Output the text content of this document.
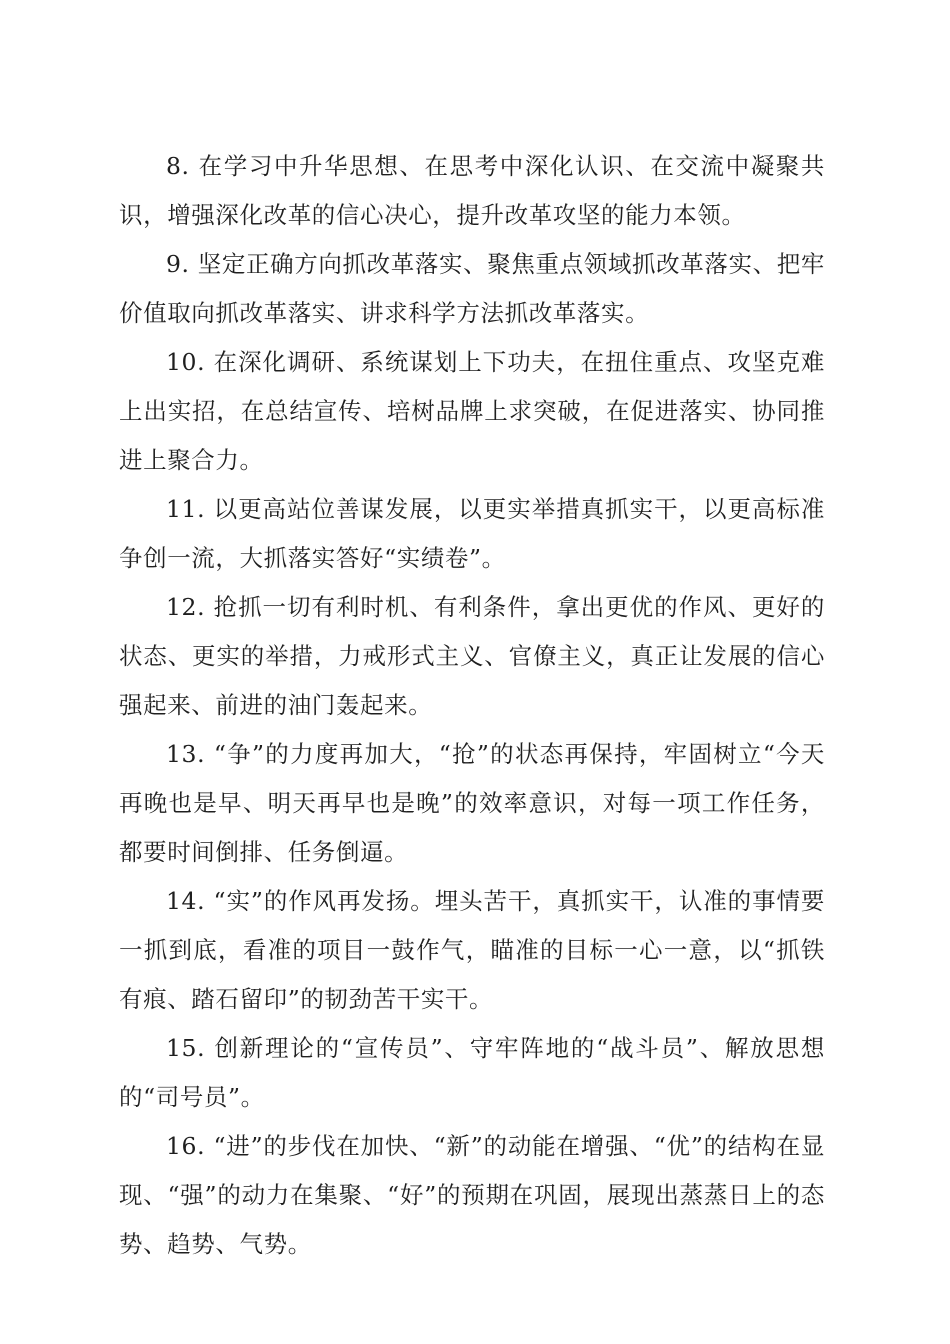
8. 在学习中升华思想、在思考中深化认识、在交流中凝聚共识，增强深化改革的信心决心，提升改革攻坚的能力本领。

9. 坚定正确方向抓改革落实、聚焦重点领域抓改革落实、把牢价值取向抓改革落实、讲求科学方法抓改革落实。

10. 在深化调研、系统谋划上下功夫，在扭住重点、攻坚克难上出实招，在总结宣传、培树品牌上求突破，在促进落实、协同推进上聚合力。

11. 以更高站位善谋发展，以更实举措真抓实干，以更高标准争创一流，大抓落实答好“实绩卷”。

12. 抢抓一切有利时机、有利条件，拿出更优的作风、更好的状态、更实的举措，力戒形式主义、官僚主义，真正让发展的信心强起来、前进的油门轰起来。

13. “争”的力度再加大，“抢”的状态再保持，牢固树立“今天再晚也是早、明天再早也是晚”的效率意识，对每一项工作任务，都要时间倒排、任务倒逼。

14. “实”的作风再发扬。埋头苦干，真抓实干，认准的事情要一抓到底，看准的项目一鼓作气，瞄准的目标一心一意，以“抓铁有痕、踏石留印”的韧劲苦干实干。

15. 创新理论的“宣传员”、守牢阵地的“战斗员”、解放思想的“司号员”。

16. “进”的步伐在加快、“新”的动能在增强、“优”的结构在显现、“强”的动力在集聚、“好”的预期在巩固，展现出蒸蒸日上的态势、趋势、气势。
